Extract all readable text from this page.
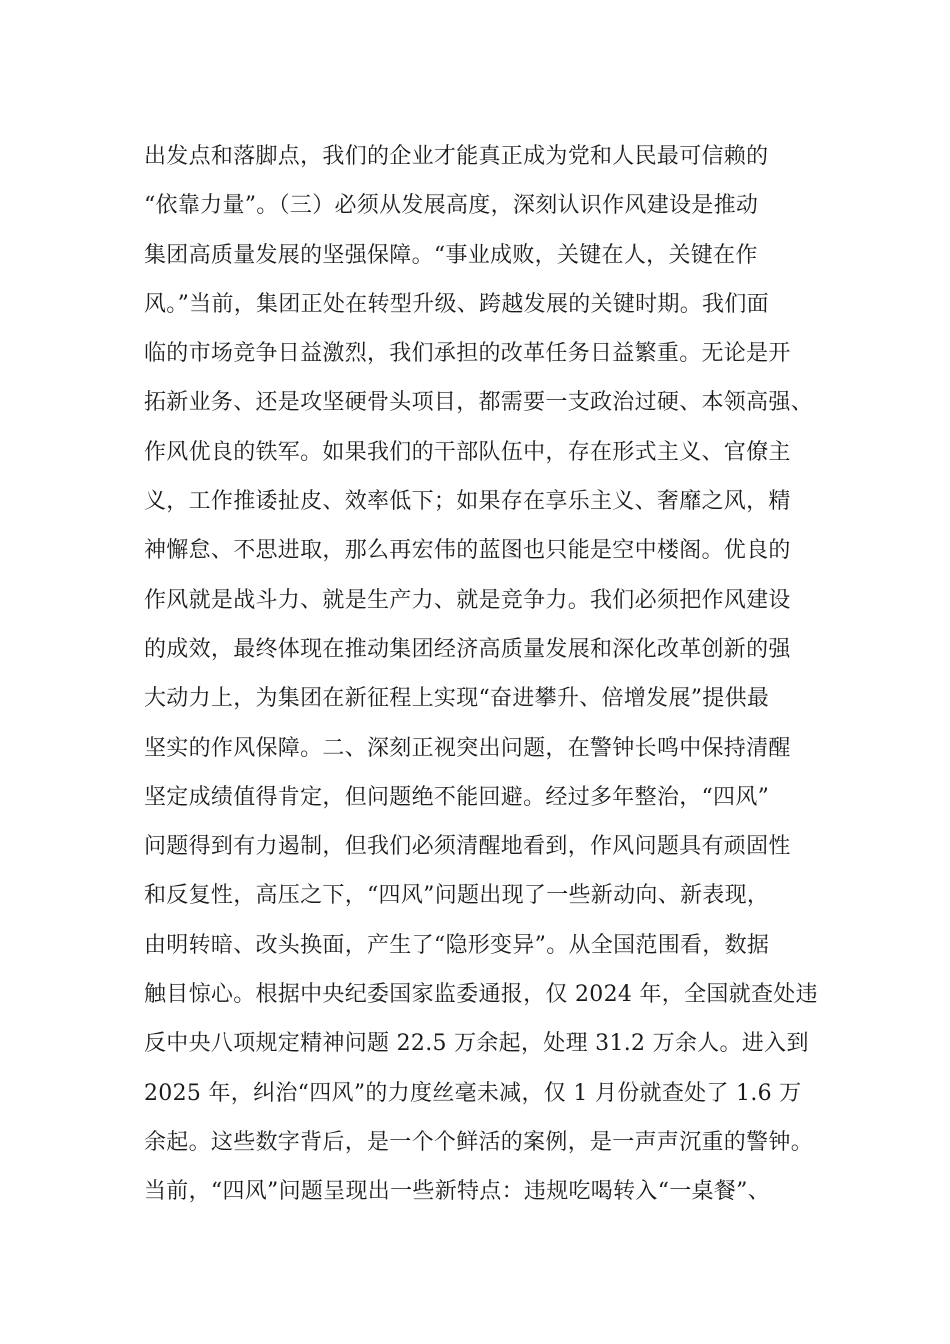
出发点和落脚点，我们的企业才能真正成为党和人民最可信赖的
“依靠力量”。（三）必须从发展高度，深刻认识作风建设是推动
集团高质量发展的坚强保障。“事业成败，关键在人，关键在作
风。”当前，集团正处在转型升级、跨越发展的关键时期。我们面
临的市场竞争日益激烈，我们承担的改革任务日益繁重。无论是开
拓新业务、还是攻坚硬骨头项目，都需要一支政治过硬、本领高强、
作风优良的铁军。如果我们的干部队伍中，存在形式主义、官僚主
义，工作推诿扯皮、效率低下；如果存在享乐主义、奢靡之风，精
神懈怠、不思进取，那么再宏伟的蓝图也只能是空中楼阁。优良的
作风就是战斗力、就是生产力、就是竞争力。我们必须把作风建设
的成效，最终体现在推动集团经济高质量发展和深化改革创新的强
大动力上，为集团在新征程上实现“奋进攀升、倍增发展”提供最
坚实的作风保障。二、深刻正视突出问题，在警钟长鸣中保持清醒
坚定成绩值得肯定，但问题绝不能回避。经过多年整治，“四风”
问题得到有力遏制，但我们必须清醒地看到，作风问题具有顽固性
和反复性，高压之下，“四风”问题出现了一些新动向、新表现，
由明转暗、改头换面，产生了“隐形变异”。从全国范围看，数据
触目惊心。根据中央纪委国家监委通报，仅 2024 年，全国就查处违
反中央八项规定精神问题 22.5 万余起，处理 31.2 万余人。进入到
2025 年，纠治“四风”的力度丝毫未减，仅 1 月份就查处了 1.6 万
余起。这些数字背后，是一个个鲜活的案例，是一声声沉重的警钟。
当前，“四风”问题呈现出一些新特点：违规吃喝转入“一桌餐”、
